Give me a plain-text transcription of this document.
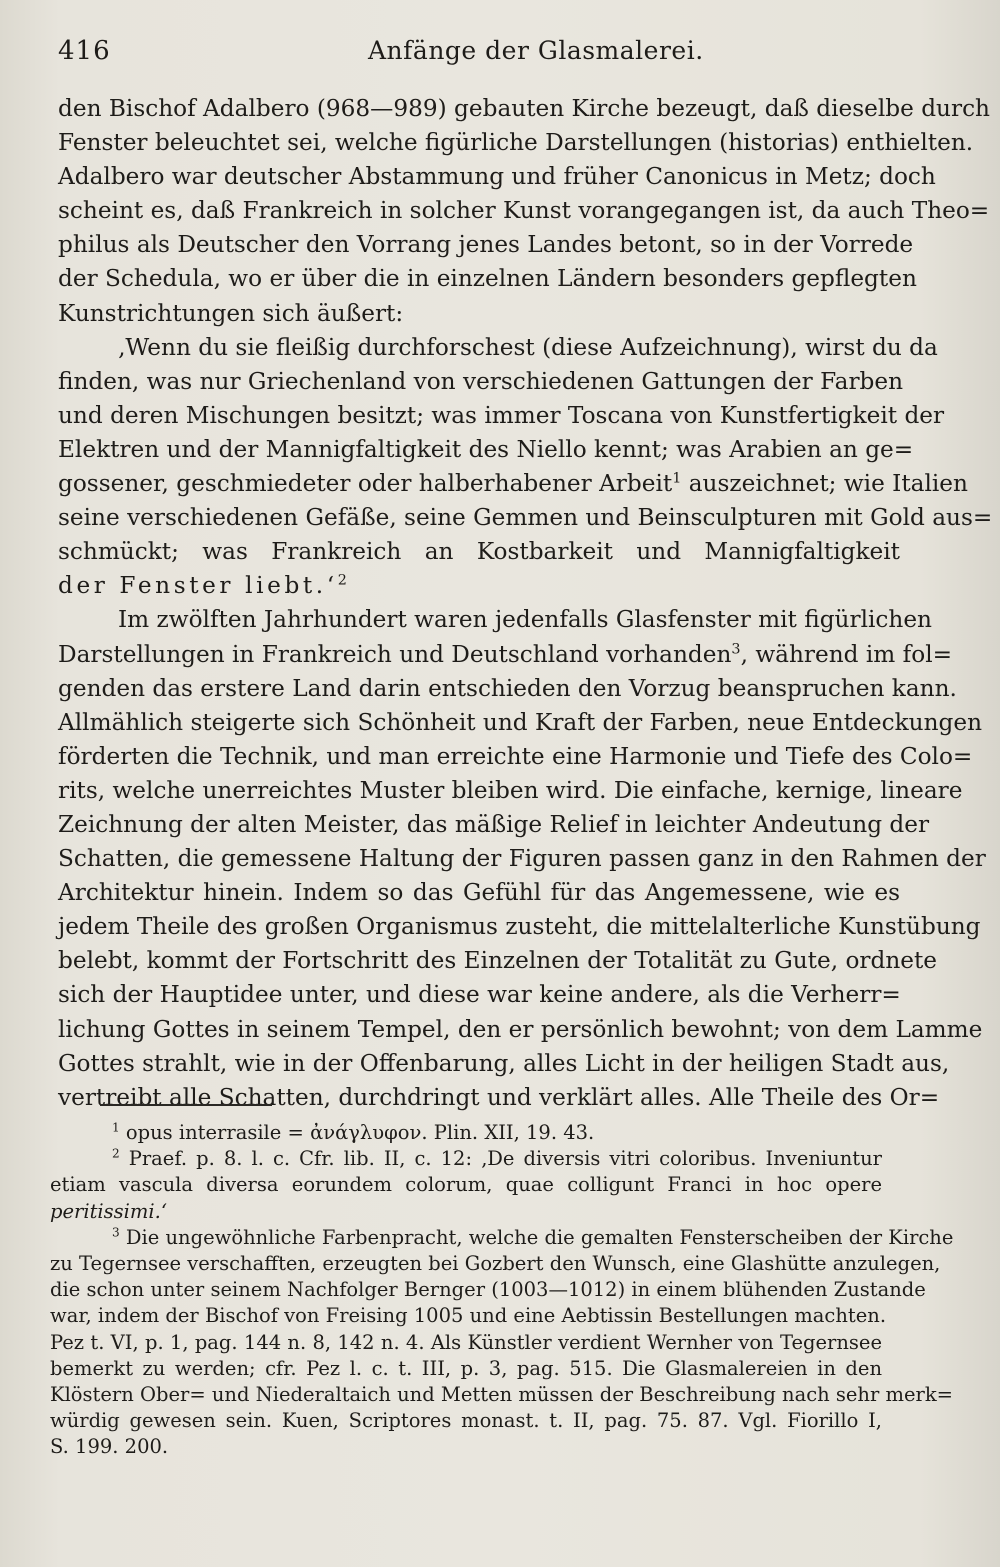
416	Anfänge der Glasmalerei.
den Bischof Adalbero (968—989) gebauten Kirche bezeugt, daß dieselbe durch
Fenster beleuchtet sei, welche figürliche Darstellungen (historias) enthielten.
Adalbero war deutscher Abstammung und früher Canonicus in Metz; doch
scheint es, daß Frankreich in solcher Kunst vorangegangen ist, da auch Theo=
philus als Deutscher den Vorrang jenes Landes betont, so in der Vorrede
der Schedula, wo er über die in einzelnen Ländern besonders gepflegten
Kunstrichtungen sich äußert:
‚Wenn du sie fleißig durchforschest (diese Aufzeichnung), wirst du da
finden, was nur Griechenland von verschiedenen Gattungen der Farben
und deren Mischungen besitzt; was immer Toscana von Kunstfertigkeit der
Elektren und der Mannigfaltigkeit des Niello kennt; was Arabien an ge=
gossener, geschmiedeter oder halberhabener Arbeit$^1$ auszeichnet; wie Italien
seine verschiedenen Gefäße, seine Gemmen und Beinsculpturen mit Gold aus=
schmückt; was Frankreich an Kostbarkeit und Mannigfaltigkeit
der Fenster liebt.‘$^2$
Im zwölften Jahrhundert waren jedenfalls Glasfenster mit figürlichen
Darstellungen in Frankreich und Deutschland vorhanden$^3$, während im fol=
genden das erstere Land darin entschieden den Vorzug beanspruchen kann.
Allmählich steigerte sich Schönheit und Kraft der Farben, neue Entdeckungen
förderten die Technik, und man erreichte eine Harmonie und Tiefe des Colo=
rits, welche unerreichtes Muster bleiben wird. Die einfache, kernige, lineare
Zeichnung der alten Meister, das mäßige Relief in leichter Andeutung der
Schatten, die gemessene Haltung der Figuren passen ganz in den Rahmen der
Architektur hinein. Indem so das Gefühl für das Angemessene, wie es
jedem Theile des großen Organismus zusteht, die mittelalterliche Kunstübung
belebt, kommt der Fortschritt des Einzelnen der Totalität zu Gute, ordnete
sich der Hauptidee unter, und diese war keine andere, als die Verherr=
lichung Gottes in seinem Tempel, den er persönlich bewohnt; von dem Lamme
Gottes strahlt, wie in der Offenbarung, alles Licht in der heiligen Stadt aus,
vertreibt alle Schatten, durchdringt und verklärt alles. Alle Theile des Or=
$^1$ opus interrasile = ἀνάγλυφον. Plin. XII, 19. 43.
$^2$ Praef. p. 8. l. c. Cfr. lib. II, c. 12: ‚De diversis vitri coloribus. Inveniuntur
etiam vascula diversa eorundem colorum, quae colligunt Franci in hoc opere
peritissimi.‘
$^3$ Die ungewöhnliche Farbenpracht, welche die gemalten Fensterscheiben der Kirche
zu Tegernsee verschafften, erzeugten bei Gozbert den Wunsch, eine Glashütte anzulegen,
die schon unter seinem Nachfolger Bernger (1003—1012) in einem blühenden Zustande
war, indem der Bischof von Freising 1005 und eine Aebtissin Bestellungen machten.
Pez t. VI, p. 1, pag. 144 n. 8, 142 n. 4. Als Künstler verdient Wernher von Tegernsee
bemerkt zu werden; cfr. Pez l. c. t. III, p. 3, pag. 515. Die Glasmalereien in den
Klöstern Ober= und Niederaltaich und Metten müssen der Beschreibung nach sehr merk=
würdig gewesen sein. Kuen, Scriptores monast. t. II, pag. 75. 87. Vgl. Fiorillo I,
S. 199. 200.
